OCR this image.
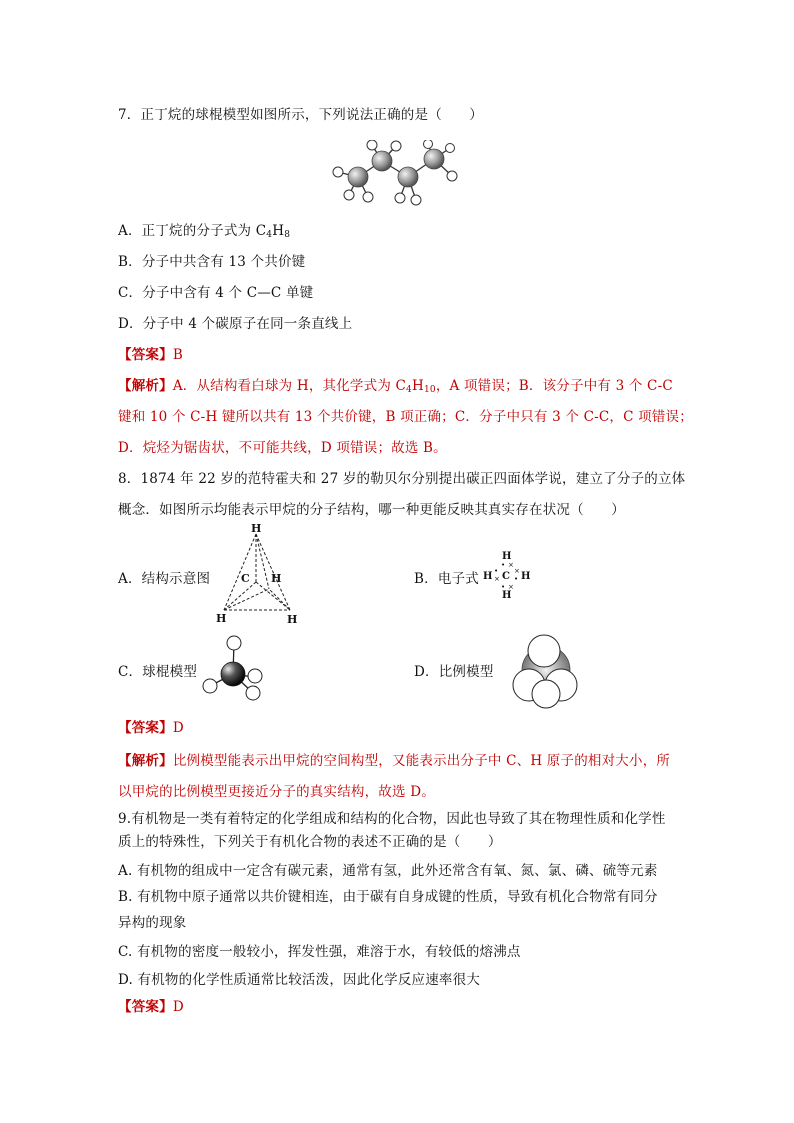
7．正丁烷的球棍模型如图所示，下列说法正确的是（　　）
A．正丁烷的分子式为 $C_4H_8$
B．分子中共含有 13 个共价键
C．分子中含有 4 个 C—C 单键
D．分子中 4 个碳原子在同一条直线上
【答案】B
【解析】A．从结构看白球为 H，其化学式为 $C_4H_{10}$，A 项错误；B．该分子中有 3 个 C-C
键和 10 个 C-H 键所以共有 13 个共价键，B 项正确；C．分子中只有 3 个 C-C，C 项错误；
D．烷烃为锯齿状，不可能共线，D 项错误；故选 B。
8．1874 年 22 岁的范特霍夫和 27 岁的勒贝尔分别提出碳正四面体学说，建立了分子的立体
概念．如图所示均能表示甲烷的分子结构，哪一种更能反映其真实存在状况（　　）
A．结构示意图
H
C H
H	H
B．电子式
H
H C H
H
• ×
•
×
×
•
• ×
C．球棍模型	D．比例模型
【答案】D
【解析】比例模型能表示出甲烷的空间构型，又能表示出分子中 C、H 原子的相对大小，所
以甲烷的比例模型更接近分子的真实结构，故选 D。
9.有机物是一类有着特定的化学组成和结构的化合物，因此也导致了其在物理性质和化学性
质上的特殊性，下列关于有机化合物的表述不正确的是（　　）
A. 有机物的组成中一定含有碳元素，通常有氢，此外还常含有氧、氮、氯、磷、硫等元素
B. 有机物中原子通常以共价键相连，由于碳有自身成键的性质，导致有机化合物常有同分
异构的现象
C. 有机物的密度一般较小，挥发性强，难溶于水，有较低的熔沸点
D. 有机物的化学性质通常比较活泼，因此化学反应速率很大
【答案】D
